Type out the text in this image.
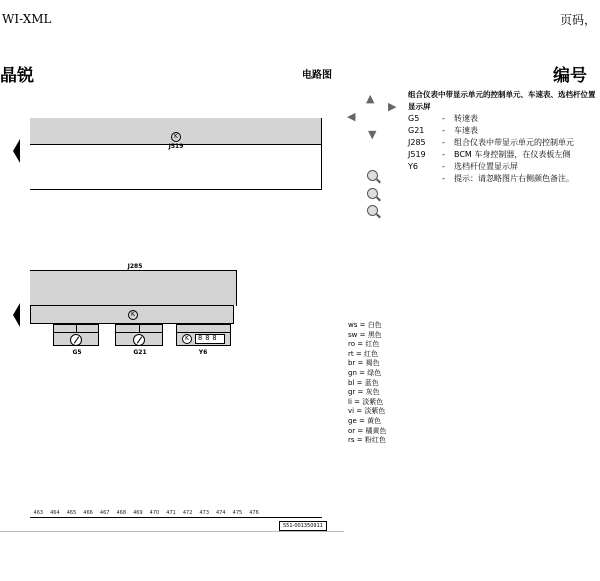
WI-XML	页码，
晶锐	电路图	编号
K
J519
J285
K
G5	G21
K	888
Y6
463 464 465 466 467 468 469 470 471 472 473 474 475 476
S51-001350911
▲
◀
▶
▼
组合仪表中带显示单元的控制单元、车速表、选档杆位置显示屏
G5	-	转速表
G21	-	车速表
J285	-	组合仪表中带显示单元的控制单元
J519	-	BCM 车身控制器，在仪表板左侧
Y6	-	选档杆位置显示屏
-	提示：请忽略图片右侧颜色备注。
ws = 白色
sw = 黑色
ro = 红色
rt = 红色
br = 褐色
gn = 绿色
bl = 蓝色
gr = 灰色
li = 淡紫色
vi = 淡紫色
ge = 黄色
or = 橘黄色
rs = 粉红色
